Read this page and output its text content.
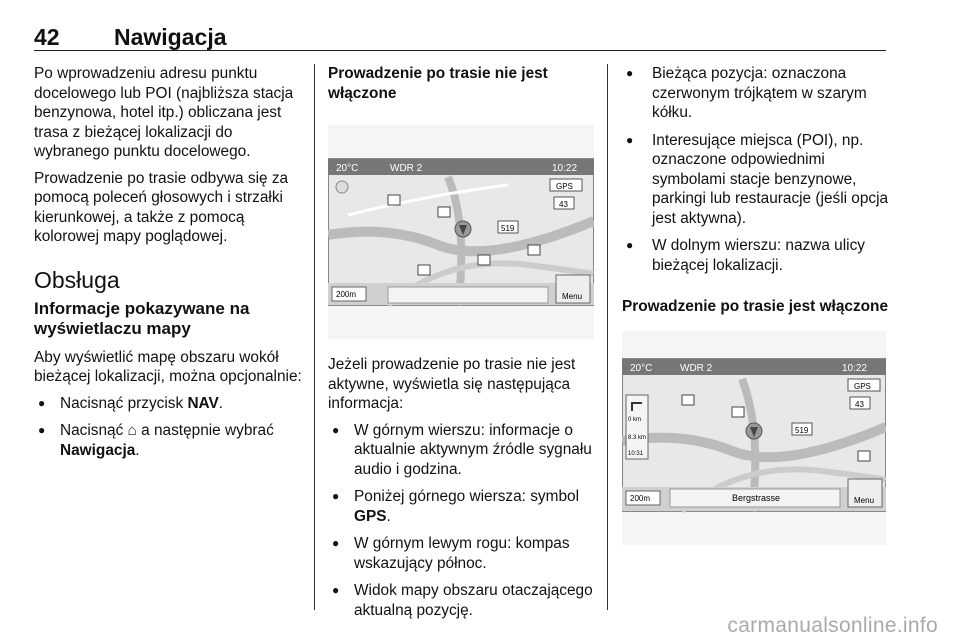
42 Nawigacja

Po wprowadzeniu adresu punktu docelowego lub POI (najbliższa stacja benzynowa, hotel itp.) obliczana jest trasa z bieżącej lokalizacji do wybranego punktu docelowego.

Prowadzenie po trasie odbywa się za pomocą poleceń głosowych i strzałki kierunkowej, a także z pomocą kolorowej mapy poglądowej.

Obsługa
Informacje pokazywane na wyświetlaczu mapy

Aby wyświetlić mapę obszaru wokół bieżącej lokalizacji, można opcjonalnie:

● Nacisnąć przycisk NAV.
● Nacisnąć ⌂ a następnie wybrać Nawigacja.
Prowadzenie po trasie nie jest włączone
20°C	WDR 2	10:22
GPS
43
519
200m	Menu

Jeżeli prowadzenie po trasie nie jest aktywne, wyświetla się następująca informacja:

● W górnym wierszu: informacje o aktualnie aktywnym źródle sygnału audio i godzina.
● Poniżej górnego wiersza: symbol GPS.
● W górnym lewym rogu: kompas wskazujący północ.
● Widok mapy obszaru otaczającego aktualną pozycję.
● Bieżąca pozycja: oznaczona czerwonym trójkątem w szarym kółku.
● Interesujące miejsca (POI), np. oznaczone odpowiednimi symbolami stacje benzynowe, parkingi lub restauracje (jeśli opcja jest aktywna).
● W dolnym wierszu: nazwa ulicy bieżącej lokalizacji.
Prowadzenie po trasie jest włączone
20°C	WDR 2	10:22
GPS
43
519
0 km
8.3 km
10:31
200m	Bergstrasse	Menu
carmanualsonline.info
